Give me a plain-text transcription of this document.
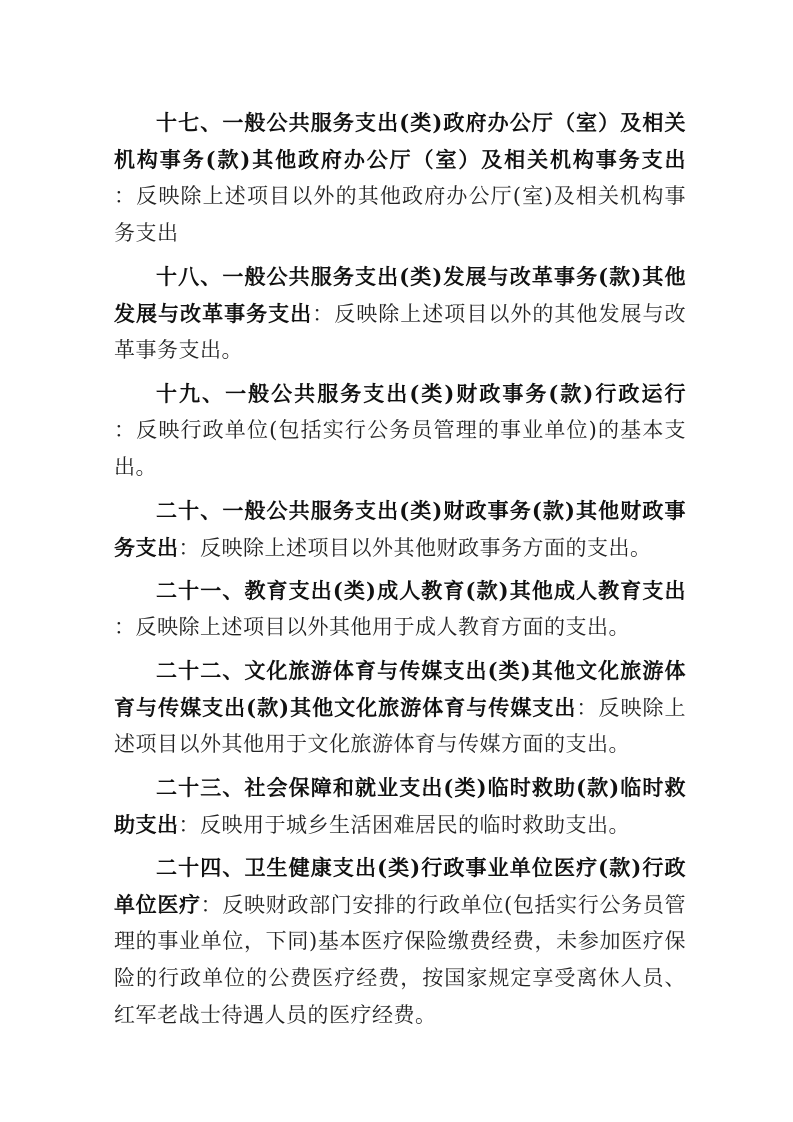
十七、一般公共服务支出(类)政府办公厅（室）及相关
机构事务(款)其他政府办公厅（室）及相关机构事务支出
：反映除上述项目以外的其他政府办公厅(室)及相关机构事
务支出
十八、一般公共服务支出(类)发展与改革事务(款)其他
发展与改革事务支出：反映除上述项目以外的其他发展与改
革事务支出。
十九、一般公共服务支出(类)财政事务(款)行政运行
：反映行政单位(包括实行公务员管理的事业单位)的基本支
出。
二十、一般公共服务支出(类)财政事务(款)其他财政事
务支出：反映除上述项目以外其他财政事务方面的支出。
二十一、教育支出(类)成人教育(款)其他成人教育支出
：反映除上述项目以外其他用于成人教育方面的支出。
二十二、文化旅游体育与传媒支出(类)其他文化旅游体
育与传媒支出(款)其他文化旅游体育与传媒支出：反映除上
述项目以外其他用于文化旅游体育与传媒方面的支出。
二十三、社会保障和就业支出(类)临时救助(款)临时救
助支出：反映用于城乡生活困难居民的临时救助支出。
二十四、卫生健康支出(类)行政事业单位医疗(款)行政
单位医疗：反映财政部门安排的行政单位(包括实行公务员管
理的事业单位，下同)基本医疗保险缴费经费，未参加医疗保
险的行政单位的公费医疗经费，按国家规定享受离休人员、
红军老战士待遇人员的医疗经费。
